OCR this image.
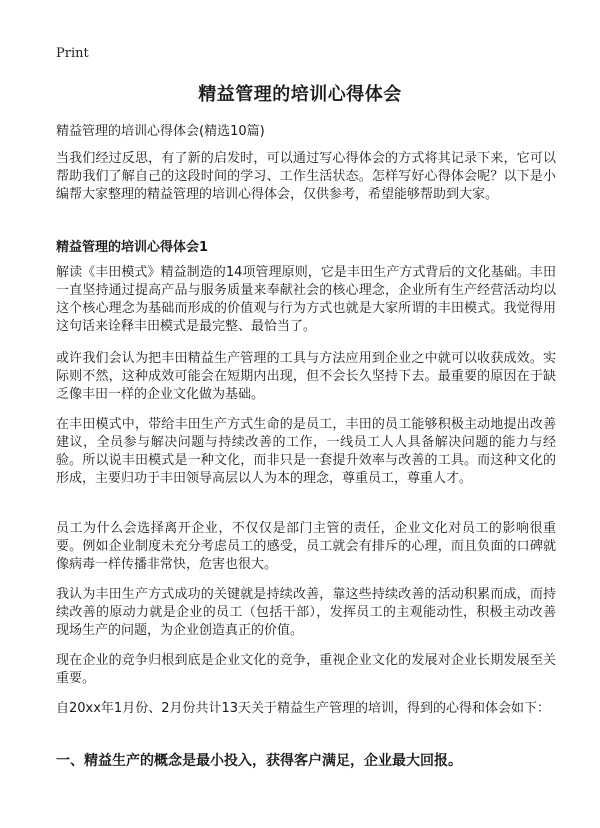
Print
精益管理的培训心得体会
精益管理的培训心得体会(精选10篇)

当我们经过反思，有了新的启发时，可以通过写心得体会的方式将其记录下来，它可以帮助我们了解自己的这段时间的学习、工作生活状态。怎样写好心得体会呢？以下是小编帮大家整理的精益管理的培训心得体会，仅供参考，希望能够帮助到大家。

精益管理的培训心得体会1

解读《丰田模式》精益制造的14项管理原则，它是丰田生产方式背后的文化基础。丰田一直坚持通过提高产品与服务质量来奉献社会的核心理念，企业所有生产经营活动均以这个核心理念为基础而形成的价值观与行为方式也就是大家所谓的丰田模式。我觉得用这句话来诠释丰田模式是最完整、最恰当了。

或许我们会认为把丰田精益生产管理的工具与方法应用到企业之中就可以收获成效。实际则不然，这种成效可能会在短期内出现，但不会长久坚持下去。最重要的原因在于缺乏像丰田一样的企业文化做为基础。

在丰田模式中，带给丰田生产方式生命的是员工，丰田的员工能够积极主动地提出改善建议，全员参与解决问题与持续改善的工作，一线员工人人具备解决问题的能力与经验。所以说丰田模式是一种文化，而非只是一套提升效率与改善的工具。而这种文化的形成，主要归功于丰田领导高层以人为本的理念，尊重员工，尊重人才。

员工为什么会选择离开企业，不仅仅是部门主管的责任，企业文化对员工的影响很重要。例如企业制度未充分考虑员工的感受，员工就会有排斥的心理，而且负面的口碑就像病毒一样传播非常快，危害也很大。

我认为丰田生产方式成功的关键就是持续改善，靠这些持续改善的活动积累而成，而持续改善的原动力就是企业的员工（包括干部），发挥员工的主观能动性，积极主动改善现场生产的问题，为企业创造真正的价值。

现在企业的竞争归根到底是企业文化的竞争，重视企业文化的发展对企业长期发展至关重要。

自20xx年1月份、2月份共计13天关于精益生产管理的培训，得到的心得和体会如下：

一、精益生产的概念是最小投入，获得客户满足，企业最大回报。
